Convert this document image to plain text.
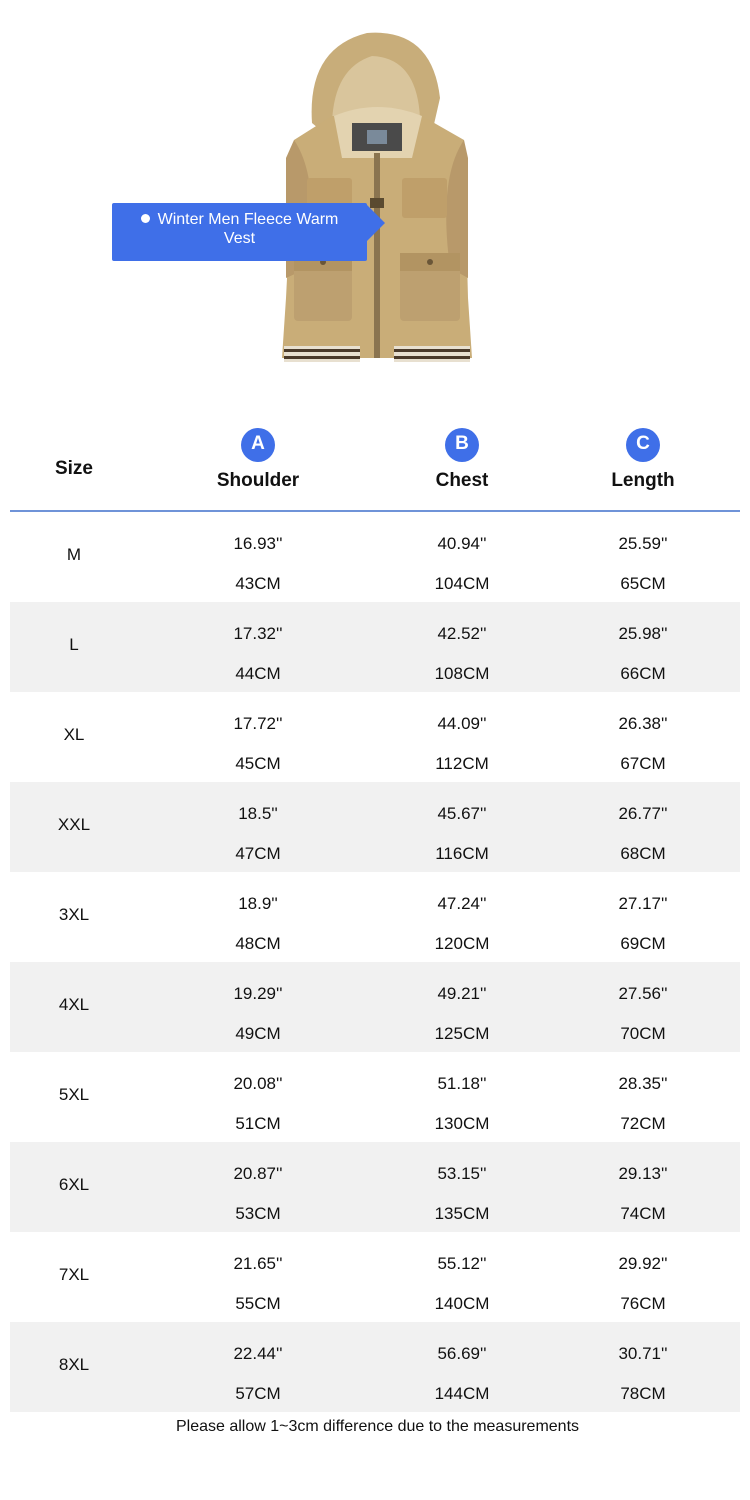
Winter Men Fleece Warm Vest
Size
A
Shoulder
B
Chest
C
Length
M
16.93''
43CM
40.94''
104CM
25.59''
65CM
L
17.32''
44CM
42.52''
108CM
25.98''
66CM
XL
17.72''
45CM
44.09''
112CM
26.38''
67CM
XXL
18.5''
47CM
45.67''
116CM
26.77''
68CM
3XL
18.9''
48CM
47.24''
120CM
27.17''
69CM
4XL
19.29''
49CM
49.21''
125CM
27.56''
70CM
5XL
20.08''
51CM
51.18''
130CM
28.35''
72CM
6XL
20.87''
53CM
53.15''
135CM
29.13''
74CM
7XL
21.65''
55CM
55.12''
140CM
29.92''
76CM
8XL
22.44''
57CM
56.69''
144CM
30.71''
78CM
Please allow 1~3cm difference due to the measurements
